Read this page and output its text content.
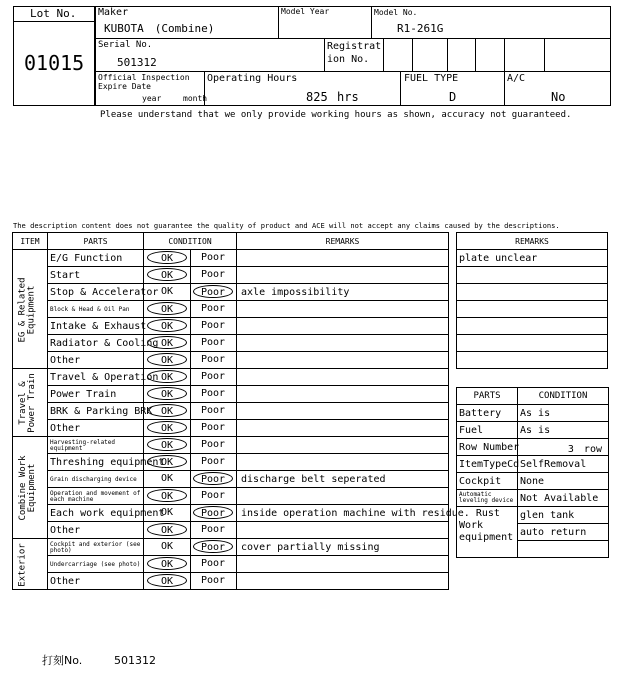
Lot No.
01015
Maker
KUBOTA　(Combine)
Model Year	Model No.
R1-261G
Serial No.
501312
Registrat ion No.
Official Inspection Expire Date
year	month
Operating Hours
825 hrs
FUEL TYPE
D
A/C
No
Please understand that we only provide working hours as shown, accuracy not guaranteed.
The description content does not guarantee the quality of product and ACE will not accept any claims caused by the descriptions.
ITEM	PARTS	CONDITION		REMARKS

EG & Related Equipment	E/G Function	OK	Poor	

	Start	OK	Poor	

	Stop & Accelerator	OK	Poor	axle impossibility

	Block & Head & Oil Pan	OK	Poor	

	Intake & Exhaust	OK	Poor	

	Radiator & Cooling	OK	Poor	

	Other	OK	Poor	

Travel & Power Train	Travel & Operation	OK	Poor	

	Power Train	OK	Poor	

	BRK & Parking BRK	OK	Poor	

	Other	OK	Poor	

Combine Work Equipment	Harvesting-related equipment	OK	Poor	

	Threshing equipment	OK	Poor	

	Grain discharging device	OK	Poor	discharge belt seperated

	Operation and movement of each machine	OK	Poor	

	Each work equipment	OK	Poor	inside operation machine with residue. Rust
	Other	OK	Poor	

Exterior	Cockpit and exterior (see photo)	OK	Poor	cover partially missing

	Undercarriage (see photo)	OK	Poor	

	Other	OK	Poor	

REMARKS
plate unclear

PARTS	CONDITION
Battery	As is
Fuel	As is
Row Number	3　row
ItemTypeCd	SelfRemoval
Cockpit	None

Automatic leveling device	Not Available
Work equipment	glen tank
	auto return

打刻No.	501312
